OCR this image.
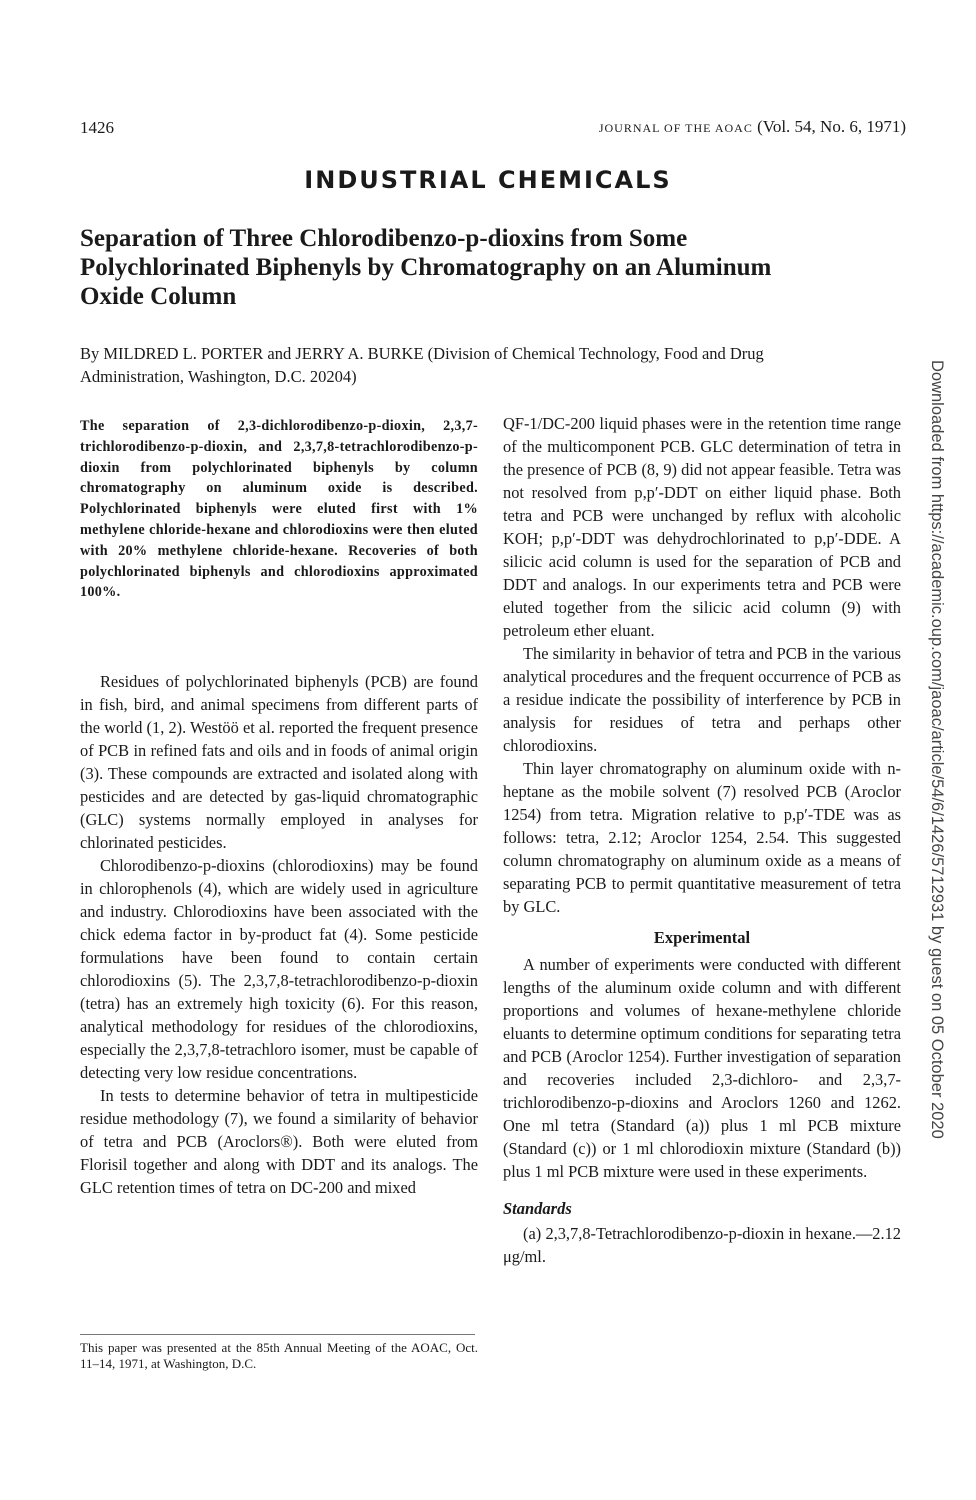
1426	JOURNAL OF THE AOAC (Vol. 54, No. 6, 1971)
INDUSTRIAL CHEMICALS
Separation of Three Chlorodibenzo-p-dioxins from Some Polychlorinated Biphenyls by Chromatography on an Aluminum Oxide Column
By MILDRED L. PORTER and JERRY A. BURKE (Division of Chemical Technology, Food and Drug Administration, Washington, D.C. 20204)
The separation of 2,3-dichlorodibenzo-p-dioxin, 2,3,7-trichlorodibenzo-p-dioxin, and 2,3,7,8-tetrachlorodibenzo-p-dioxin from polychlorinated biphenyls by column chromatography on aluminum oxide is described. Polychlorinated biphenyls were eluted first with 1% methylene chloride-hexane and chlorodioxins were then eluted with 20% methylene chloride-hexane. Recoveries of both polychlorinated biphenyls and chlorodioxins approximated 100%.

Residues of polychlorinated biphenyls (PCB) are found in fish, bird, and animal specimens from different parts of the world (1, 2). Westöö et al. reported the frequent presence of PCB in refined fats and oils and in foods of animal origin (3). These compounds are extracted and isolated along with pesticides and are detected by gas-liquid chromatographic (GLC) systems normally employed in analyses for chlorinated pesticides.

Chlorodibenzo-p-dioxins (chlorodioxins) may be found in chlorophenols (4), which are widely used in agriculture and industry. Chlorodioxins have been associated with the chick edema factor in by-product fat (4). Some pesticide formulations have been found to contain certain chlorodioxins (5). The 2,3,7,8-tetrachlorodibenzo-p-dioxin (tetra) has an extremely high toxicity (6). For this reason, analytical methodology for residues of the chlorodioxins, especially the 2,3,7,8-tetrachloro isomer, must be capable of detecting very low residue concentrations.

In tests to determine behavior of tetra in multipesticide residue methodology (7), we found a similarity of behavior of tetra and PCB (Aroclors®). Both were eluted from Florisil together and along with DDT and its analogs. The GLC retention times of tetra on DC-200 and mixed

QF-1/DC-200 liquid phases were in the retention time range of the multicomponent PCB. GLC determination of tetra in the presence of PCB (8, 9) did not appear feasible. Tetra was not resolved from p,p′-DDT on either liquid phase. Both tetra and PCB were unchanged by reflux with alcoholic KOH; p,p′-DDT was dehydrochlorinated to p,p′-DDE. A silicic acid column is used for the separation of PCB and DDT and analogs. In our experiments tetra and PCB were eluted together from the silicic acid column (9) with petroleum ether eluant.

The similarity in behavior of tetra and PCB in the various analytical procedures and the frequent occurrence of PCB as a residue indicate the possibility of interference by PCB in analysis for residues of tetra and perhaps other chlorodioxins.

Thin layer chromatography on aluminum oxide with n-heptane as the mobile solvent (7) resolved PCB (Aroclor 1254) from tetra. Migration relative to p,p′-TDE was as follows: tetra, 2.12; Aroclor 1254, 2.54. This suggested column chromatography on aluminum oxide as a means of separating PCB to permit quantitative measurement of tetra by GLC.

Experimental

A number of experiments were conducted with different lengths of the aluminum oxide column and with different proportions and volumes of hexane-methylene chloride eluants to determine optimum conditions for separating tetra and PCB (Aroclor 1254). Further investigation of separation and recoveries included 2,3-dichloro- and 2,3,7-trichlorodibenzo-p-dioxins and Aroclors 1260 and 1262. One ml tetra (Standard (a)) plus 1 ml PCB mixture (Standard (c)) or 1 ml chlorodioxin mixture (Standard (b)) plus 1 ml PCB mixture were used in these experiments.

Standards

(a) 2,3,7,8-Tetrachlorodibenzo-p-dioxin in hexane.—2.12 μg/ml.

This paper was presented at the 85th Annual Meeting of the AOAC, Oct. 11–14, 1971, at Washington, D.C.
Downloaded from https://academic.oup.com/jaoac/article/54/6/1426/5712931 by guest on 05 October 2020
